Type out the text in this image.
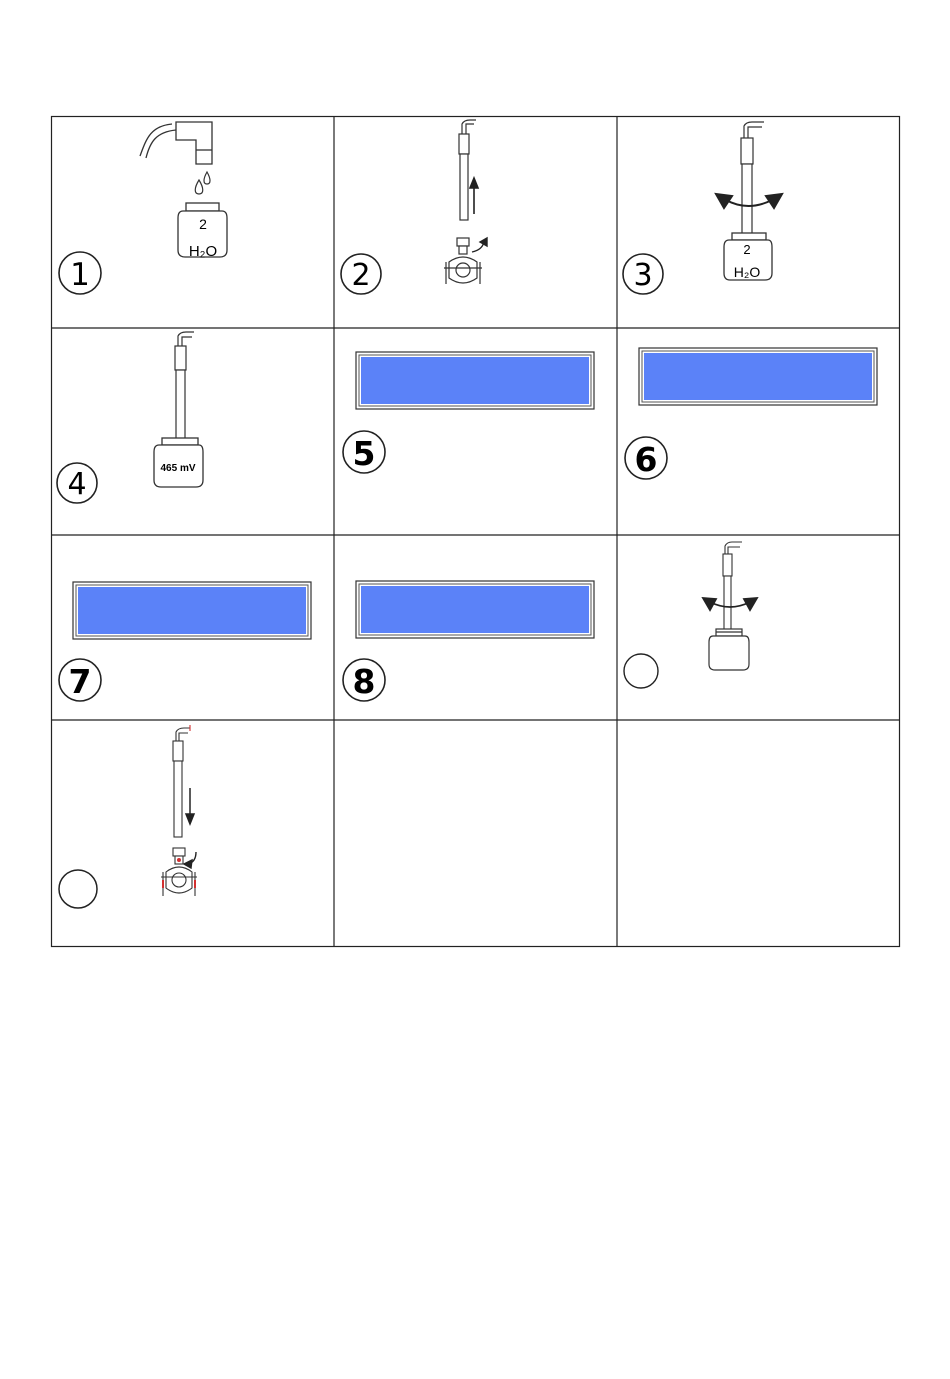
2
H₂O
1	2
2
H₂O
3
465 mV
4
5	6
7	8
